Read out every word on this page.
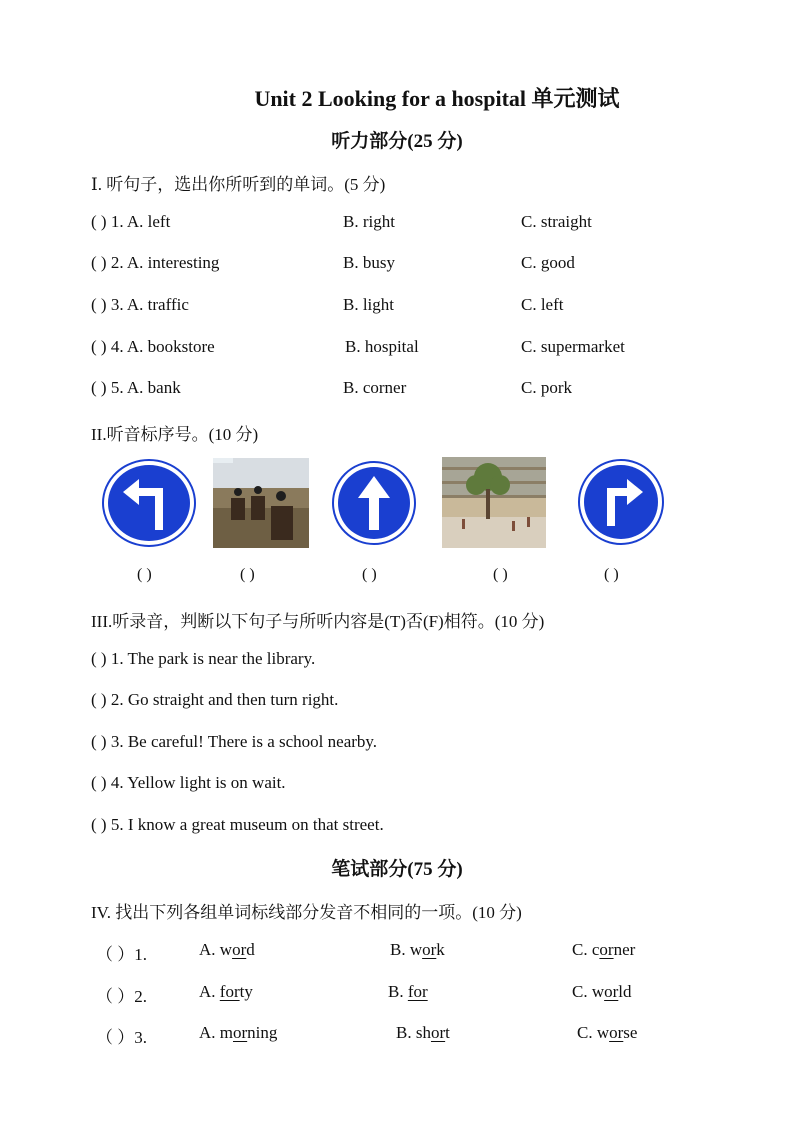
Unit 2 Looking for a hospital 单元测试
听力部分(25 分)
Ⅰ. 听句子，选出你所听到的单词。(5 分)
( ) 1. A. left	B. right	C. straight
( ) 2. A. interesting	B. busy	C. good
( ) 3. A. traffic	B. light	C. left
( ) 4. A. bookstore	B. hospital	C. supermarket
( ) 5. A. bank	B. corner	C. pork
II.听音标序号。(10 分)
( )	( )	( )	( )	( )
III.听录音，判断以下句子与所听内容是(T)否(F)相符。(10 分)
( ) 1. The park is near the library.
( ) 2. Go straight and then turn right.
( ) 3. Be careful! There is a school nearby.
( ) 4. Yellow light is on wait.
( ) 5. I know a great museum on that street.
笔试部分(75 分)
IV. 找出下列各组单词标线部分发音不相同的一项。(10 分)
（ ）1.	A. word	B. work	C. corner
（ ）2.	A. forty	B. for	C. world
（ ）3.	A. morning	B. short	C. worse
